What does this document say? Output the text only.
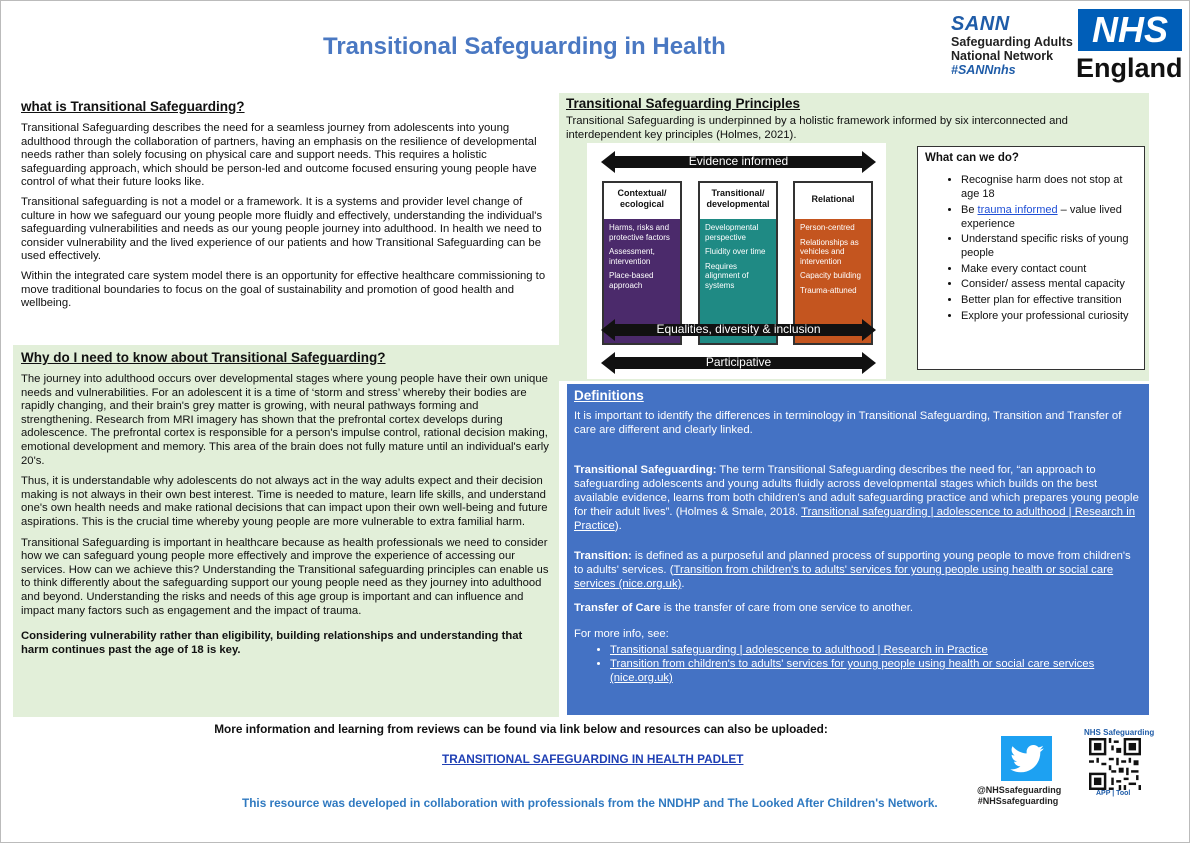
Transitional Safeguarding in Health
SANN
Safeguarding Adults
National Network
#SANNnhs
NHS
England
what is Transitional Safeguarding?
Transitional Safeguarding describes the need for a seamless journey from adolescents into young adulthood through the collaboration of partners, having an emphasis on the resilience of developmental needs rather than solely focusing on physical care and support needs. This requires a holistic safeguarding approach, which should be person-led and outcome focused ensuring young people have control of what their future looks like.
Transitional safeguarding is not a model or a framework. It is a systems and provider level change of culture in how we safeguard our young people more fluidly and effectively, understanding the individual's safeguarding vulnerabilities and needs as our young people journey into adulthood. In health we need to consider vulnerability and the lived experience of our patients and how Transitional Safeguarding can be used effectively.
Within the integrated care system model there is an opportunity for effective healthcare commissioning to move traditional boundaries to focus on the goal of sustainability and promotion of good health and wellbeing.
Why do I need to know about Transitional Safeguarding?
The journey into adulthood occurs over developmental stages where young people have their own unique needs and vulnerabilities. For an adolescent it is a time of ‘storm and stress’ whereby their bodies are rapidly changing, and their brain's grey matter is growing, with neural pathways forming and strengthening. Research from MRI imagery has shown that the prefrontal cortex develops during adolescence. The prefrontal cortex is responsible for a person's impulse control, rational decision making, emotional development and memory. This area of the brain does not fully mature until an individual's early 20's.
Thus, it is understandable why adolescents do not always act in the way adults expect and their decision making is not always in their own best interest. Time is needed to mature, learn life skills, and understand one's own health needs and make rational decisions that can impact upon their own well-being and future aspirations. This is the crucial time whereby young people are more vulnerable to extra familial harm.
Transitional Safeguarding is important in healthcare because as health professionals we need to consider how we can safeguard young people more effectively and improve the experience of accessing our services. How can we achieve this? Understanding the Transitional safeguarding principles can enable us to think differently about the safeguarding support our young people need as they journey into adulthood and beyond. Understanding the risks and needs of this age group is important and can influence and impact many factors such as engagement and the impact of trauma.
Considering vulnerability rather than eligibility, building relationships and understanding that harm continues past the age of 18 is key.
Transitional Safeguarding Principles
Transitional Safeguarding is underpinned by a holistic framework informed by six interconnected and interdependent key principles (Holmes, 2021).
Evidence informed
Contextual/ ecological
Harms, risks and protective factors
Assessment, intervention
Place-based approach
Transitional/ developmental
Developmental perspective
Fluidity over time
Requires alignment of systems
Relational
Person-centred
Relationships as vehicles and intervention
Capacity building
Trauma-attuned
Equalities, diversity & inclusion
Participative
What can we do?
• Recognise harm does not stop at age 18
• Be trauma informed – value lived experience
• Understand specific risks of young people
• Make every contact count
• Consider/ assess mental capacity
• Better plan for effective transition
• Explore your professional curiosity
Definitions
It is important to identify the differences in terminology in Transitional Safeguarding, Transition and Transfer of care are different and clearly linked.
Transitional Safeguarding: The term Transitional Safeguarding describes the need for, “an approach to safeguarding adolescents and young adults fluidly across developmental stages which builds on the best available evidence, learns from both children's and adult safeguarding practice and which prepares young people for their adult lives”. (Holmes & Smale, 2018. Transitional safeguarding | adolescence to adulthood | Research in Practice).
Transition: is defined as a purposeful and planned process of supporting young people to move from children's to adults' services. (Transition from children's to adults' services for young people using health or social care services (nice.org.uk).
Transfer of Care is the transfer of care from one service to another.
For more info, see:
• Transitional safeguarding | adolescence to adulthood | Research in Practice
• Transition from children's to adults' services for young people using health or social care services (nice.org.uk)
More information and learning from reviews can be found via link below and resources can also be uploaded:
TRANSITIONAL SAFEGUARDING IN HEALTH PADLET
This resource was developed in collaboration with professionals from the NNDHP and The Looked After Children's Network.
@NHSsafeguarding
#NHSsafeguarding
NHS Safeguarding
APP | Tool
